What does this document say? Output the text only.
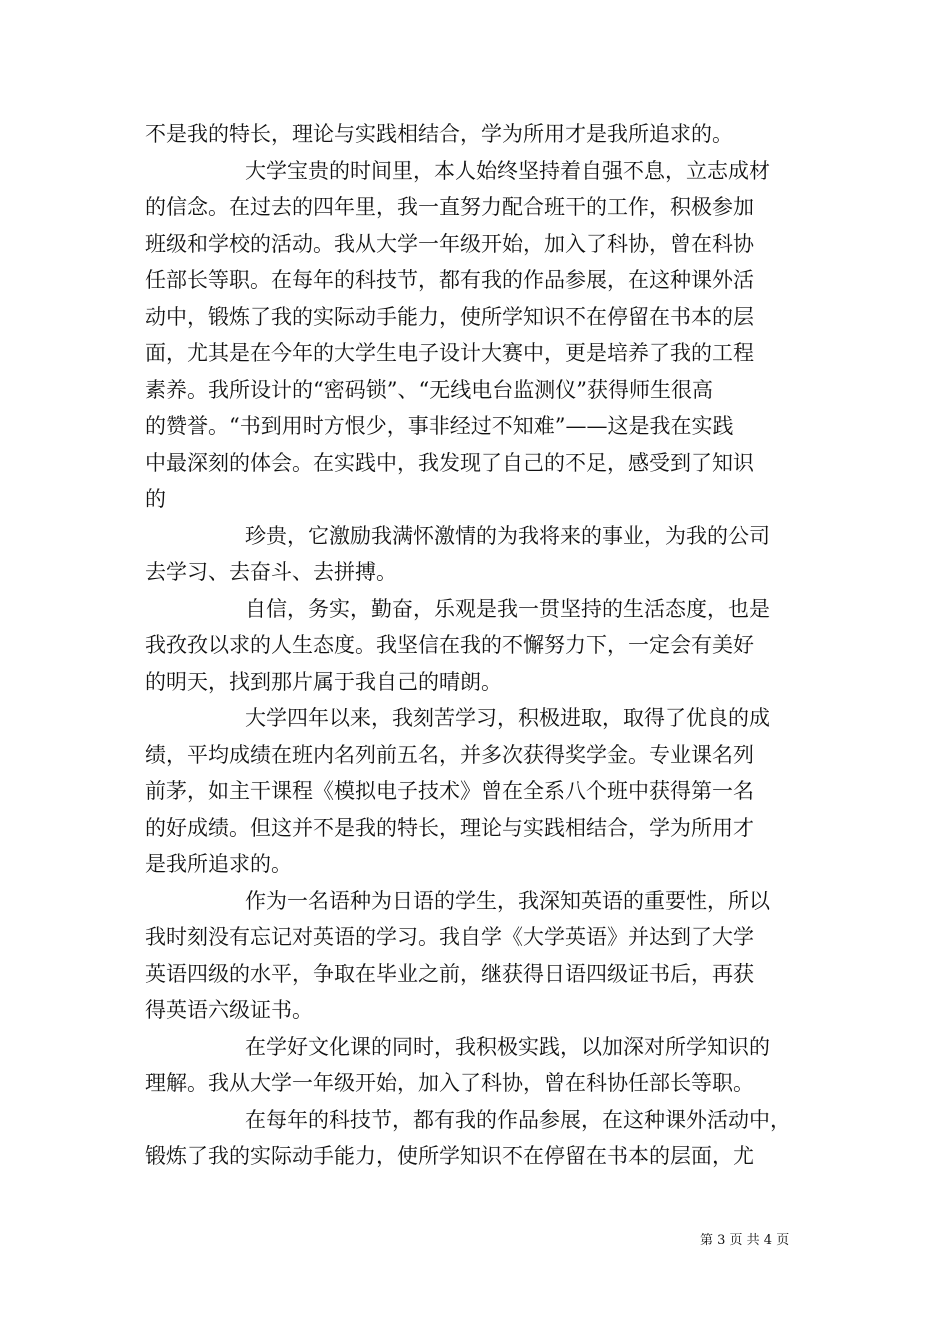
不是我的特长，理论与实践相结合，学为所用才是我所追求的。
大学宝贵的时间里，本人始终坚持着自强不息，立志成材
的信念。在过去的四年里，我一直努力配合班干的工作，积极参加
班级和学校的活动。我从大学一年级开始，加入了科协，曾在科协
任部长等职。在每年的科技节，都有我的作品参展，在这种课外活
动中，锻炼了我的实际动手能力，使所学知识不在停留在书本的层
面，尤其是在今年的大学生电子设计大赛中，更是培养了我的工程
素养。我所设计的“密码锁”、“无线电台监测仪”获得师生很高
的赞誉。“书到用时方恨少，事非经过不知难”——这是我在实践
中最深刻的体会。在实践中，我发现了自己的不足，感受到了知识
的
珍贵，它激励我满怀激情的为我将来的事业，为我的公司
去学习、去奋斗、去拼搏。
自信，务实，勤奋，乐观是我一贯坚持的生活态度，也是
我孜孜以求的人生态度。我坚信在我的不懈努力下，一定会有美好
的明天，找到那片属于我自己的晴朗。
大学四年以来，我刻苦学习，积极进取，取得了优良的成
绩，平均成绩在班内名列前五名，并多次获得奖学金。专业课名列
前茅，如主干课程《模拟电子技术》曾在全系八个班中获得第一名
的好成绩。但这并不是我的特长，理论与实践相结合，学为所用才
是我所追求的。
作为一名语种为日语的学生，我深知英语的重要性，所以
我时刻没有忘记对英语的学习。我自学《大学英语》并达到了大学
英语四级的水平，争取在毕业之前，继获得日语四级证书后，再获
得英语六级证书。
在学好文化课的同时，我积极实践，以加深对所学知识的
理解。我从大学一年级开始，加入了科协，曾在科协任部长等职。
在每年的科技节，都有我的作品参展，在这种课外活动中，
锻炼了我的实际动手能力，使所学知识不在停留在书本的层面，尤
第 3 页 共 4 页
